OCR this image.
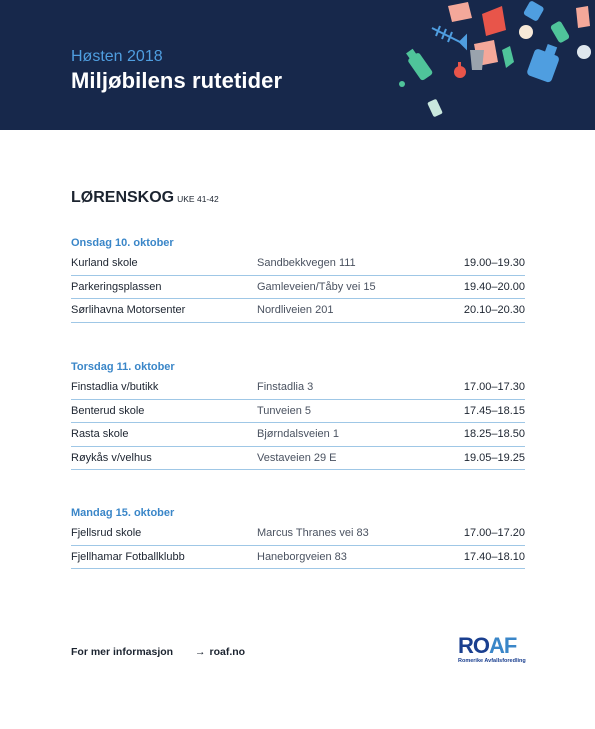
Høsten 2018
Miljøbilens rutetider
LØRENSKOG UKE 41-42
Onsdag 10. oktober
Kurland skole	Sandbekkvegen 111	19.00–19.30
Parkeringsplassen	Gamleveien/Tåby vei 15	19.40–20.00
Sørlihavna Motorsenter	Nordliveien 201	20.10–20.30
Torsdag 11. oktober
Finstadlia v/butikk	Finstadlia 3	17.00–17.30
Benterud skole	Tunveien 5	17.45–18.15
Rasta skole	Bjørndalsveien 1	18.25–18.50
Røykås v/velhus	Vestaveien 29 E	19.05–19.25
Mandag 15. oktober
Fjellsrud skole	Marcus Thranes vei 83	17.00–17.20
Fjellhamar Fotballklubb	Haneborgveien 83	17.40–18.10
For mer informasjon → roaf.no	ROAF
Romerike Avfallsforedling
